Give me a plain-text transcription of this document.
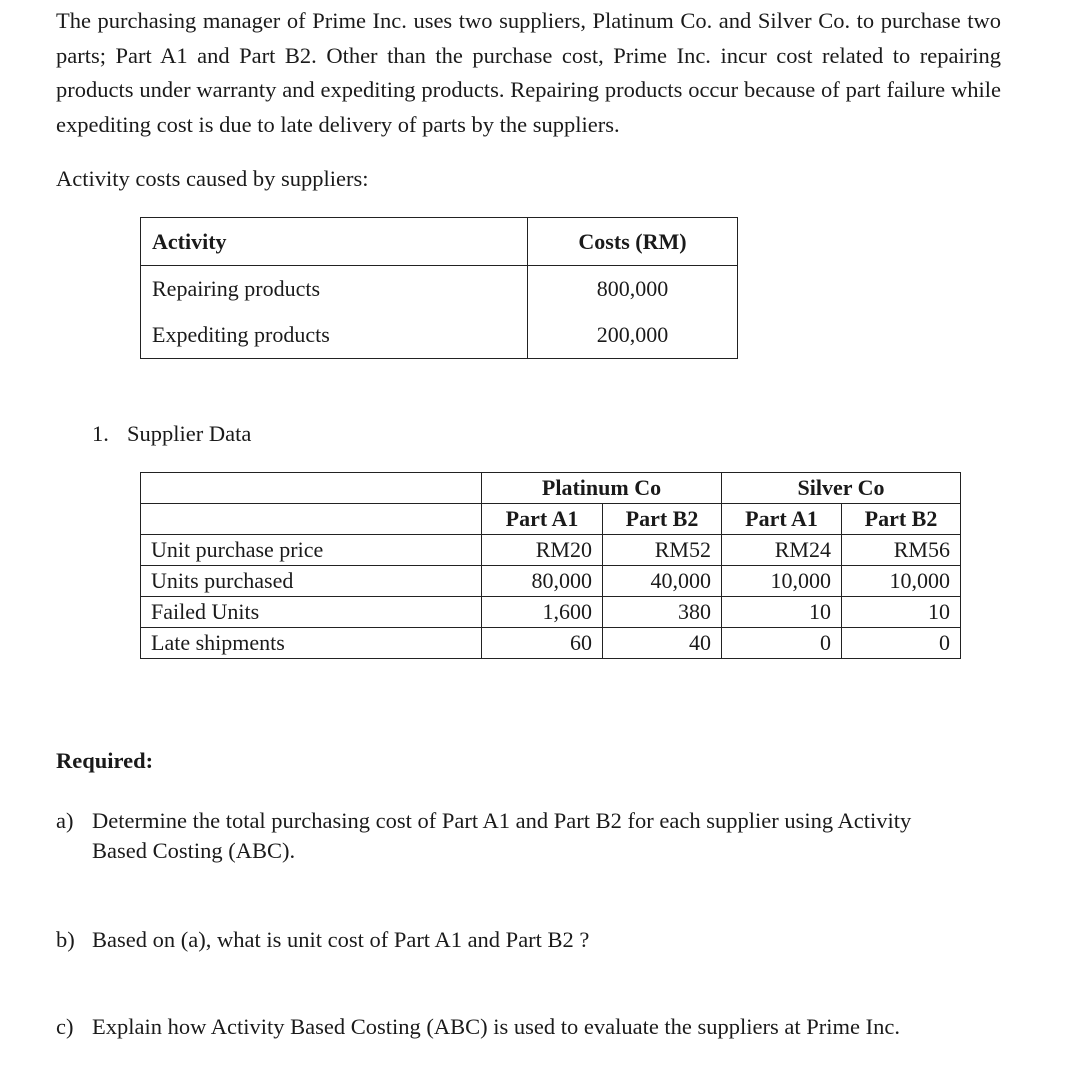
The purchasing manager of Prime Inc. uses two suppliers, Platinum Co. and Silver Co. to purchase two parts; Part A1 and Part B2. Other than the purchase cost, Prime Inc. incur cost related to repairing products under warranty and expediting products. Repairing products occur because of part failure while expediting cost is due to late delivery of parts by the suppliers.

Activity costs caused by suppliers:
Activity	Costs (RM)
Repairing products	800,000
Expediting products	200,000
1. Supplier Data
	Platinum Co		Silver Co	
	Part A1	Part B2	Part A1	Part B2
Unit purchase price	RM20	RM52	RM24	RM56
Units purchased	80,000	40,000	10,000	10,000
Failed Units	1,600	380	10	10
Late shipments	60	40	0	0
Required:
a) Determine the total purchasing cost of Part A1 and Part B2 for each supplier using Activity
Based Costing (ABC).
b) Based on (a), what is unit cost of Part A1 and Part B2 ?
c) Explain how Activity Based Costing (ABC) is used to evaluate the suppliers at Prime Inc.
